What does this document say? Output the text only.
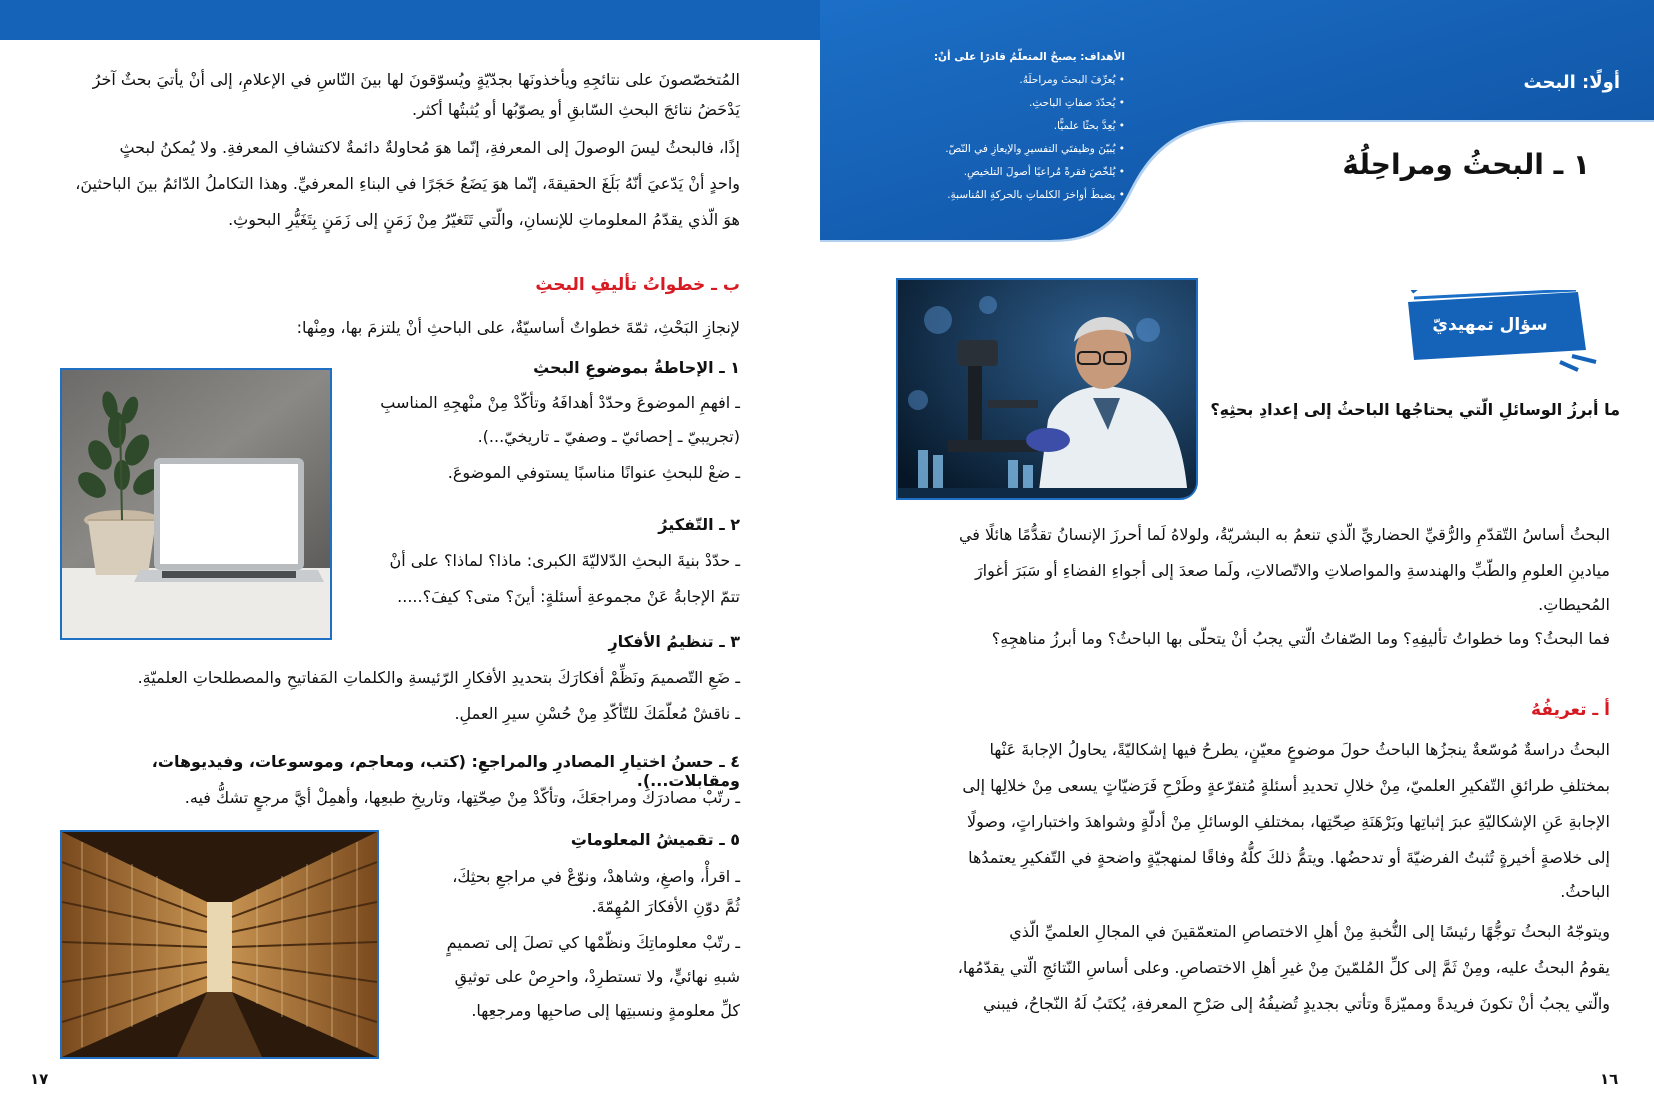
المُتخصّصونَ على نتائجِهِ ويأخذونَها بجدّيّةٍ ويُسوّقونَ لها بينَ النّاسِ في الإعلامِ، إلى أنْ يأتيَ بحثٌ آخرُ
يَدْحَضُ نتائجَ البحثِ السّابقِ أو يصوّبُها أو يُثبتُها أكثر.
إذًا، فالبحثُ ليسَ الوصولَ إلى المعرفةِ، إنّما هوَ مُحاولةٌ دائمةٌ لاكتشافِ المعرفةِ. ولا يُمكنُ لبحثٍ
واحدٍ أنْ يَدّعيَ أنّهُ بَلَغَ الحقيقةَ، إنّما هوَ يَضَعُ حَجَرًا في البناءِ المعرفيِّ. وهذا التكاملُ الدّائمُ بينَ الباحثينَ،
هوَ الّذي يقدّمُ المعلوماتِ للإنسانِ، والّتي تَتَغيّرُ مِنْ زَمَنٍ إلى زَمَنٍ بِتَغَيُّرِ البحوثِ.
ب ـ خطواتُ تأليفِ البحثِ
لإنجازِ البَحْثِ، ثمّةَ خطواتٌ أساسيّةٌ، على الباحثِ أنْ يلتزمَ بها، ومِنْها:
١ ـ الإحاطةُ بموضوعِ البحثِ
ـ افهمِ الموضوعَ وحدّدْ أهدافَهُ وتأكّدْ مِنْ منْهجِهِ المناسبِ
(تجريبيّ ـ إحصائيّ ـ وصفيّ ـ تاريخيّ...).
ـ ضعْ للبحثِ عنوانًا مناسبًا يستوفي الموضوعَ.
٢ ـ التّفكيرُ
ـ حدّدْ بنيةَ البحثِ الدّلاليّةَ الكبرى: ماذا؟ لماذا؟ على أنْ
تتمّ الإجابةُ عَنْ مجموعةِ أسئلةٍ: أينَ؟ متى؟ كيفَ؟.....
٣ ـ تنظيمُ الأفكارِ
ـ ضَعِ التّصميمَ ونَظِّمْ أفكارَكَ بتحديدِ الأفكارِ الرّئيسةِ والكلماتِ المَفاتيحِ والمصطلحاتِ العلميّةِ.
ـ ناقشْ مُعلّمَكَ للتّأكّدِ مِنْ حُسْنِ سيرِ العملِ.
٤ ـ حسنُ اختيارِ المصادرِ والمراجعِ: (كتب، ومعاجم، وموسوعات، وفيديوهات، ومقابلات...).
ـ رتّبْ مصادرَكَ ومراجعَكَ، وتأكّدْ مِنْ صِحّتِها، وتاريخِ طبعِها، وأهمِلْ أيَّ مرجعٍ تشكُّ فيه.
٥ ـ تقميشُ المعلوماتِ
ـ اقرأْ، واصغِ، وشاهدْ، ونوّعْ في مراجعِ بحثِكَ،
ثُمَّ دوّنِ الأفكارَ المُهِمّةَ.
ـ رتّبْ معلوماتِكَ ونظّمْها كي تصلَ إلى تصميمٍ
شبهِ نهائيٍّ، ولا تستطرِدْ، واحرِصْ على توثيقِ
كلِّ معلومةٍ ونسبتِها إلى صاحبِها ومرجعِها.
١٧
أولًا: البحث
الأهداف: يصبحُ المتعلّمُ قادرًا على أنْ:
• يُعرِّفَ البحثَ ومراحلَهُ.
• يُحدّدَ صفاتِ الباحثِ.
• يُعِدَّ بحثًا علميًّا.
• يُبيّنَ وظيفتَي التفسيرِ والإيعازِ في النّصّ.
• يُلخّصَ فقرةً مُراعيًا أصولَ التلخيصِ.
• يضبطَ أواخرَ الكلماتِ بالحركةِ المُناسبةِ.
١ ـ البحثُ ومراحِلُهُ
سؤال تمهيديّ
ما أبرزُ الوسائلِ الّتي يحتاجُها الباحثُ إلى إعدادِ بحثِهِ؟
البحثُ أساسُ التّقدّمِ والرُّقيِّ الحضاريِّ الّذي تنعمُ به البشريّةُ، ولولاهُ لَما أحرزَ الإنسانُ تقدُّمًا هائلًا في
ميادينِ العلومِ والطّبِّ والهندسةِ والمواصلاتِ والاتّصالاتِ، ولَما صعدَ إلى أجواءِ الفضاءِ أو سَبَرَ أغوارَ
المُحيطاتِ.
فما البحثُ؟ وما خطواتُ تأليفِهِ؟ وما الصّفاتُ الّتي يجبُ أنْ يتحلّى بها الباحثُ؟ وما أبرزُ مناهجِهِ؟
أ ـ تعريفُهُ
البحثُ دراسةٌ مُوسّعةٌ ينجزُها الباحثُ حولَ موضوعٍ معيّنٍ، يطرحُ فيها إشكاليّةً، يحاولُ الإجابةَ عَنْها
بمختلفِ طرائقِ التّفكيرِ العلميّ، مِنْ خلالِ تحديدِ أسئلةٍ مُتفرّعةٍ وطَرْحِ فَرَضيّاتٍ يسعى مِنْ خلالِها إلى
الإجابةِ عَنِ الإشكاليّةِ عبرَ إثباتِها وبَرْهَنَةِ صِحّتِها، بمختلفِ الوسائلِ مِنْ أدلّةٍ وشواهدَ واختباراتٍ، وصولًا
إلى خلاصةٍ أخيرةٍ تُثبتُ الفرضيّةَ أو تدحضُها. ويتمُّ ذلكَ كلُّهُ وفاقًا لمنهجيّةٍ واضحةٍ في التّفكيرِ يعتمدُها
الباحثُ.
ويتوجّهُ البحثُ توجُّهًا رئيسًا إلى النُّخبةِ مِنْ أهلِ الاختصاصِ المتعمّقينَ في المجالِ العلميِّ الّذي
يقومُ البحثُ عليه، ومِنْ ثَمَّ إلى كلِّ المُلمّينَ مِنْ غيرِ أهلِ الاختصاصِ. وعلى أساسِ النّتائجِ الّتي يقدّمُها،
والّتي يجبُ أنْ تكونَ فريدةً ومميّزةً وتأتي بجديدٍ تُضيفُهُ إلى صَرْحِ المعرفةِ، يُكتَبُ لَهُ النّجاحُ، فيبني
١٦
